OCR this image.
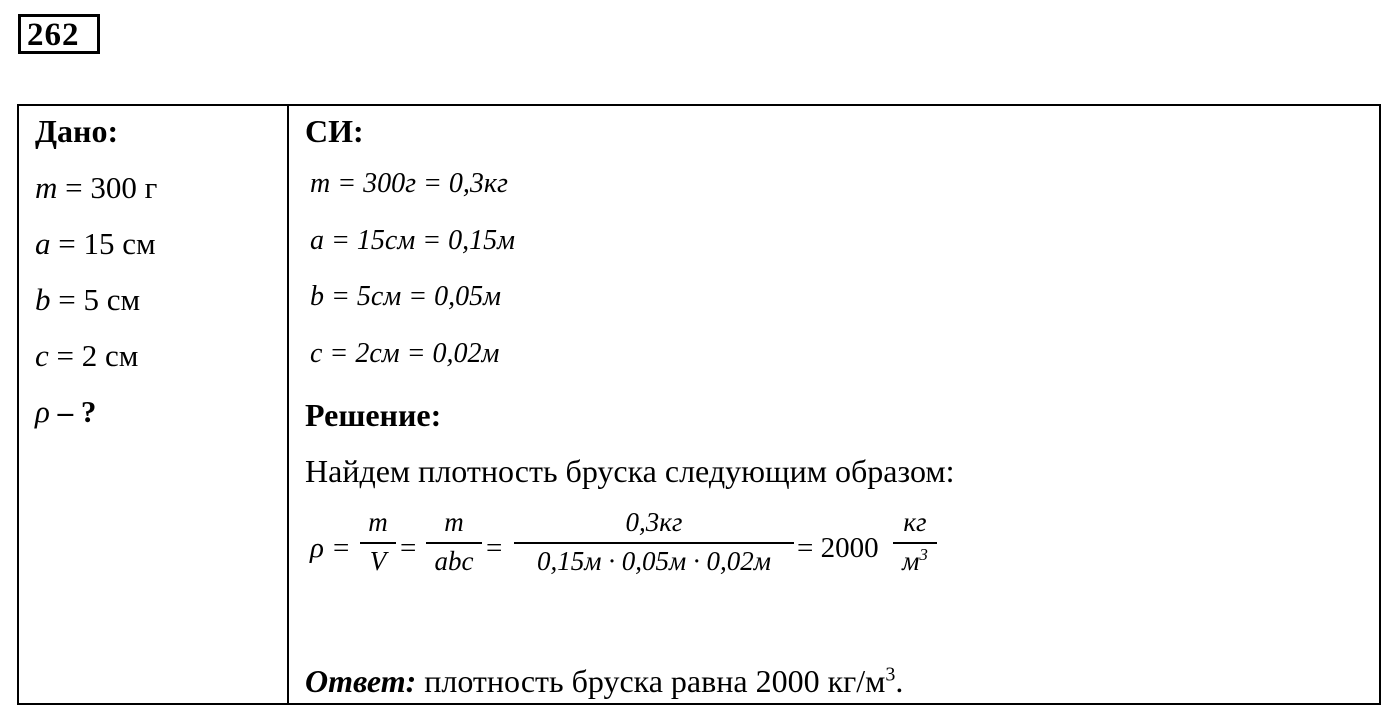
262
Дано:
m = 300 г
a = 15 см
b = 5 см
c = 2 см
ρ – ?
СИ:
m = 300г = 0,3кг
a = 15см = 0,15м
b = 5см = 0,05м
c = 2см = 0,02м
Решение:
Найдем плотность бруска следующим образом:
ρ =
m
V =
m
abc =
0,3кг
0,15м · 0,05м · 0,02м = 2000
кг
$м^3$
Ответ: плотность бруска равна 2000 $кг/м^3$.
